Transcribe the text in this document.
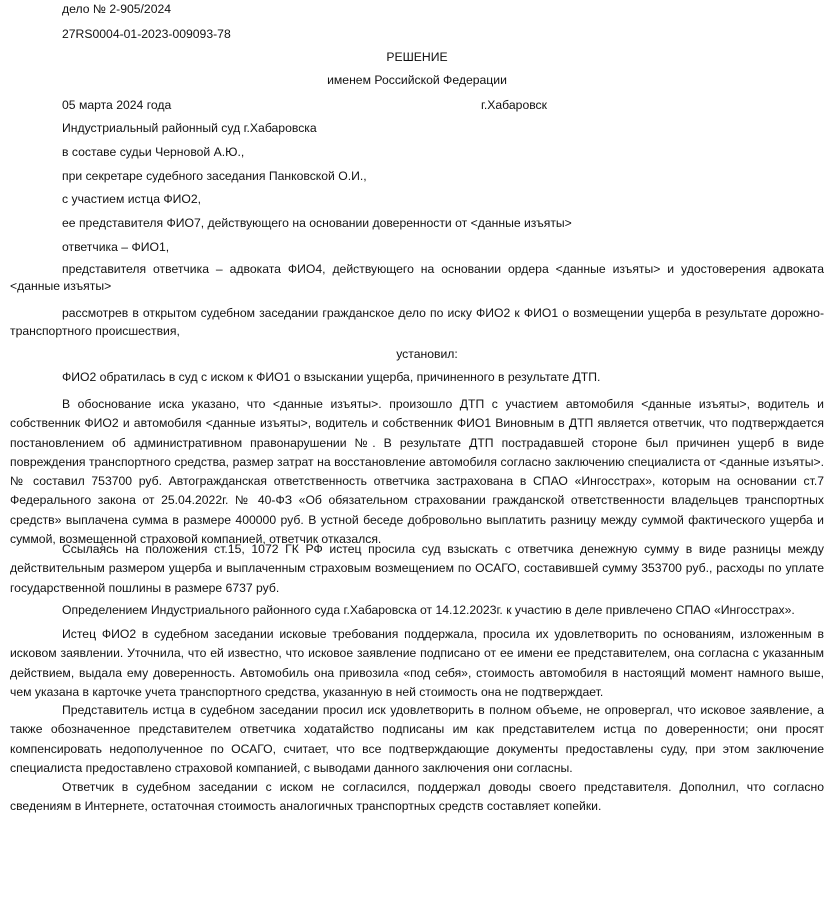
дело № 2-905/2024
27RS0004-01-2023-009093-78
РЕШЕНИЕ
именем Российской Федерации
05 марта 2024 года	г.Хабаровск
Индустриальный районный суд г.Хабаровска
в составе судьи Черновой А.Ю.,
при секретаре судебного заседания Панковской О.И.,
с участием истца ФИО2,
ее представителя ФИО7, действующего на основании доверенности от <данные изъяты>
ответчика – ФИО1,
представителя ответчика – адвоката ФИО4, действующего на основании ордера <данные изъяты> и удостоверения адвоката <данные изъяты>
рассмотрев в открытом судебном заседании гражданское дело по иску ФИО2 к ФИО1 о возмещении ущерба в результате дорожно-транспортного происшествия,
установил:
ФИО2 обратилась в суд с иском к ФИО1 о взыскании ущерба, причиненного в результате ДТП.
В обоснование иска указано, что <данные изъяты>. произошло ДТП с участием автомобиля <данные изъяты>, водитель и собственник ФИО2 и автомобиля <данные изъяты>, водитель и собственник ФИО1 Виновным в ДТП является ответчик, что подтверждается постановлением об административном правонарушении №. В результате ДТП пострадавшей стороне был причинен ущерб в виде повреждения транспортного средства, размер затрат на восстановление автомобиля согласно заключению специалиста от <данные изъяты>. № составил 753700 руб. Автогражданская ответственность ответчика застрахована в СПАО «Ингосстрах», которым на основании ст.7 Федерального закона от 25.04.2022г. № 40-ФЗ «Об обязательном страховании гражданской ответственности владельцев транспортных средств» выплачена сумма в размере 400000 руб. В устной беседе добровольно выплатить разницу между суммой фактического ущерба и суммой, возмещенной страховой компанией, ответчик отказался.
Ссылаясь на положения ст.15, 1072 ГК РФ истец просила суд взыскать с ответчика денежную сумму в виде разницы между действительным размером ущерба и выплаченным страховым возмещением по ОСАГО, составившей сумму 353700 руб., расходы по уплате государственной пошлины в размере 6737 руб.
Определением Индустриального районного суда г.Хабаровска от 14.12.2023г. к участию в деле привлечено СПАО «Ингосстрах».
Истец ФИО2 в судебном заседании исковые требования поддержала, просила их удовлетворить по основаниям, изложенным в исковом заявлении. Уточнила, что ей известно, что исковое заявление подписано от ее имени ее представителем, она согласна с указанным действием, выдала ему доверенность. Автомобиль она привозила «под себя», стоимость автомобиля в настоящий момент намного выше, чем указана в карточке учета транспортного средства, указанную в ней стоимость она не подтверждает.
Представитель истца в судебном заседании просил иск удовлетворить в полном объеме, не опровергал, что исковое заявление, а также обозначенное представителем ответчика ходатайство подписаны им как представителем истца по доверенности; они просят компенсировать недополученное по ОСАГО, считает, что все подтверждающие документы предоставлены суду, при этом заключение специалиста предоставлено страховой компанией, с выводами данного заключения они согласны.
Ответчик в судебном заседании с иском не согласился, поддержал доводы своего представителя. Дополнил, что согласно сведениям в Интернете, остаточная стоимость аналогичных транспортных средств составляет копейки.
